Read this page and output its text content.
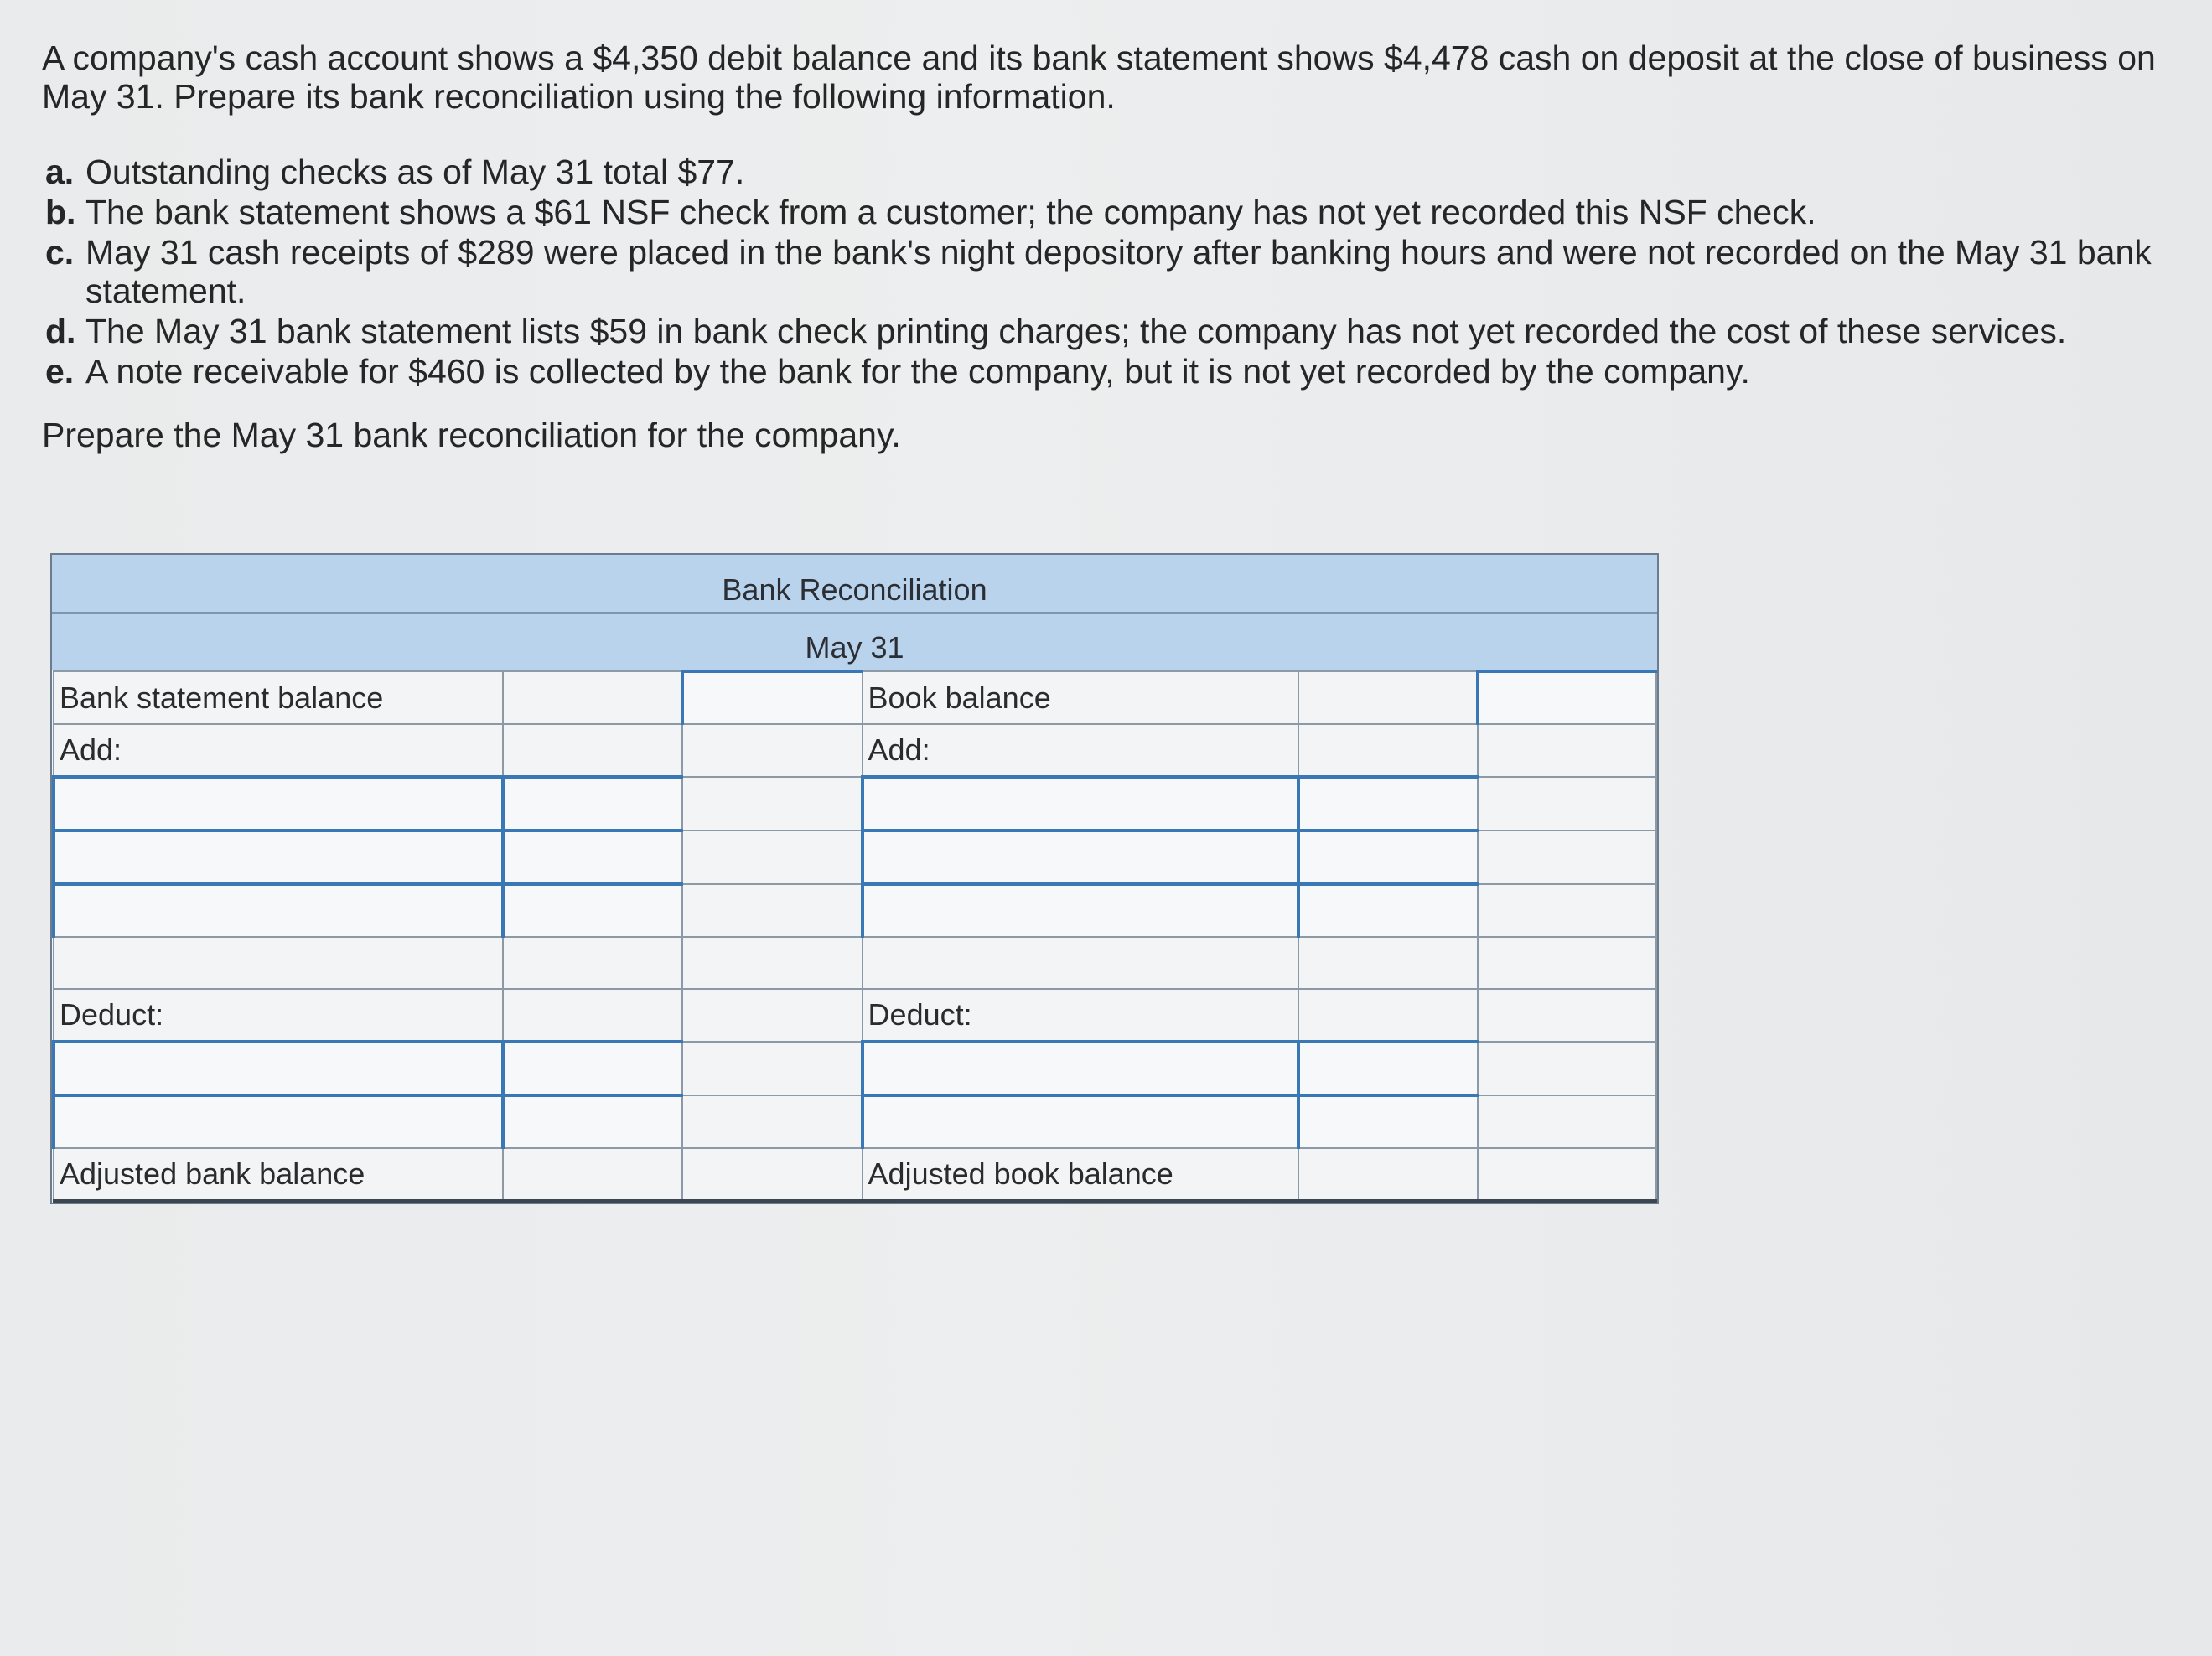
A company's cash account shows a $4,350 debit balance and its bank statement shows $4,478 cash on deposit at the close of business on May 31. Prepare its bank reconciliation using the following information.

a. Outstanding checks as of May 31 total $77.
b. The bank statement shows a $61 NSF check from a customer; the company has not yet recorded this NSF check.
c. May 31 cash receipts of $289 were placed in the bank's night depository after banking hours and were not recorded on the May 31 bank statement.
d. The May 31 bank statement lists $59 in bank check printing charges; the company has not yet recorded the cost of these services.
e. A note receivable for $460 is collected by the bank for the company, but it is not yet recorded by the company.

Prepare the May 31 bank reconciliation for the company.

Bank Reconciliation
May 31
Bank statement balance			Book balance		
Add:			Add:		

Deduct:			Deduct:		

Adjusted bank balance			Adjusted book balance		
